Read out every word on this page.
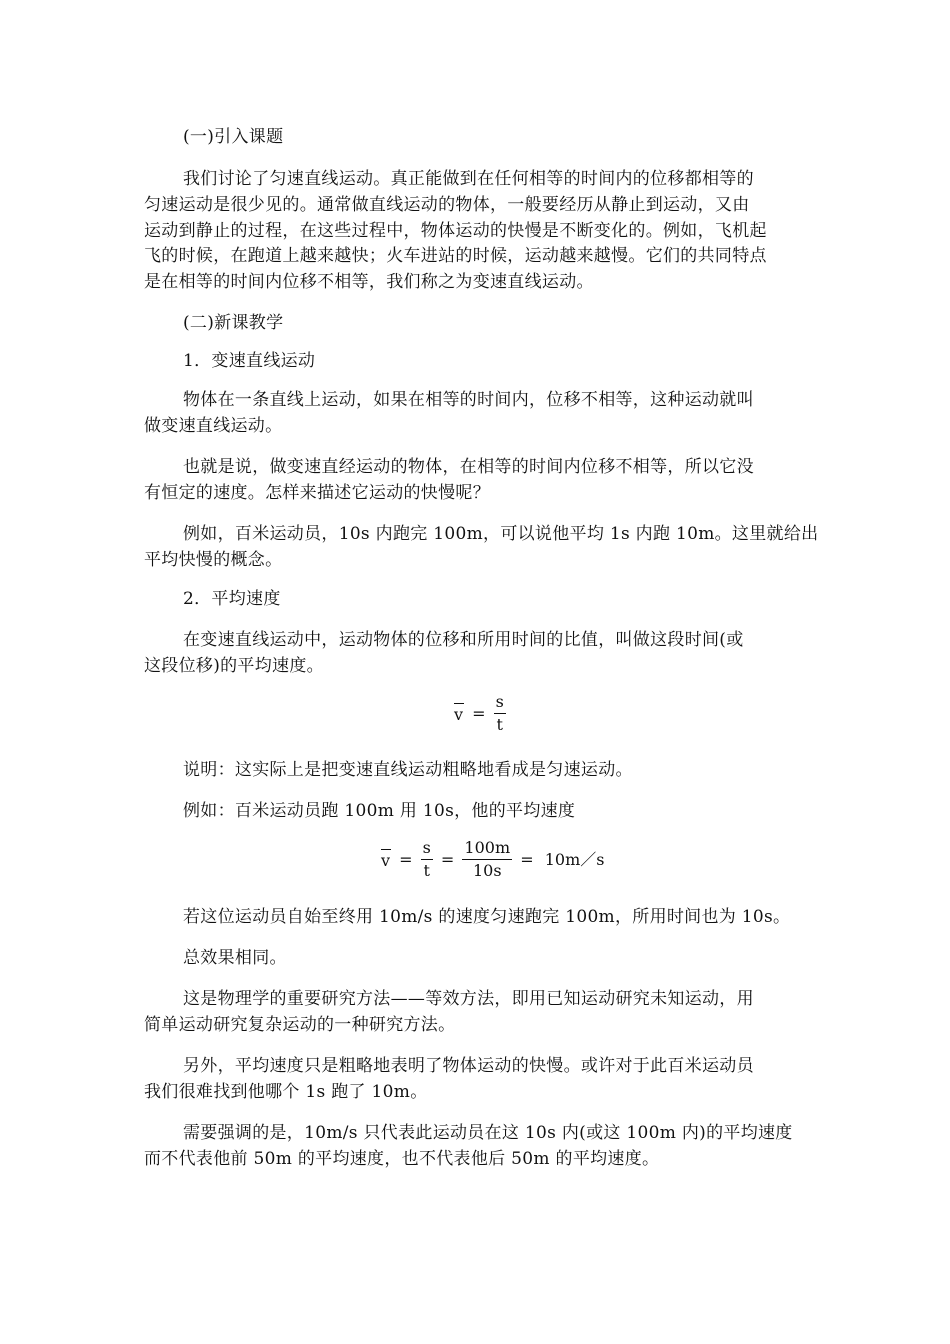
(一)引入课题
我们讨论了匀速直线运动。真正能做到在任何相等的时间内的位移都相等的
匀速运动是很少见的。通常做直线运动的物体，一般要经历从静止到运动，又由
运动到静止的过程，在这些过程中，物体运动的快慢是不断变化的。例如，飞机起
飞的时候，在跑道上越来越快；火车进站的时候，运动越来越慢。它们的共同特点
是在相等的时间内位移不相等，我们称之为变速直线运动。
(二)新课教学
1．变速直线运动
物体在一条直线上运动，如果在相等的时间内，位移不相等，这种运动就叫
做变速直线运动。
也就是说，做变速直经运动的物体，在相等的时间内位移不相等，所以它没
有恒定的速度。怎样来描述它运动的快慢呢？
例如，百米运动员，10s 内跑完 100m，可以说他平均 1s 内跑 10m。这里就给出
平均快慢的概念。
2．平均速度
在变速直线运动中，运动物体的位移和所用时间的比值，叫做这段时间(或
这段位移)的平均速度。
$v = \frac{s}{t}$
说明：这实际上是把变速直线运动粗略地看成是匀速运动。
例如：百米运动员跑 100m 用 10s，他的平均速度
$v = \frac{s}{t} = \frac{100m}{10s}$ = 10m／s
若这位运动员自始至终用 10m/s 的速度匀速跑完 100m，所用时间也为 10s。
总效果相同。
这是物理学的重要研究方法——等效方法，即用已知运动研究未知运动，用
简单运动研究复杂运动的一种研究方法。
另外，平均速度只是粗略地表明了物体运动的快慢。或许对于此百米运动员
我们很难找到他哪个 1s 跑了 10m。
需要强调的是，10m/s 只代表此运动员在这 10s 内(或这 100m 内)的平均速度
而不代表他前 50m 的平均速度，也不代表他后 50m 的平均速度。
